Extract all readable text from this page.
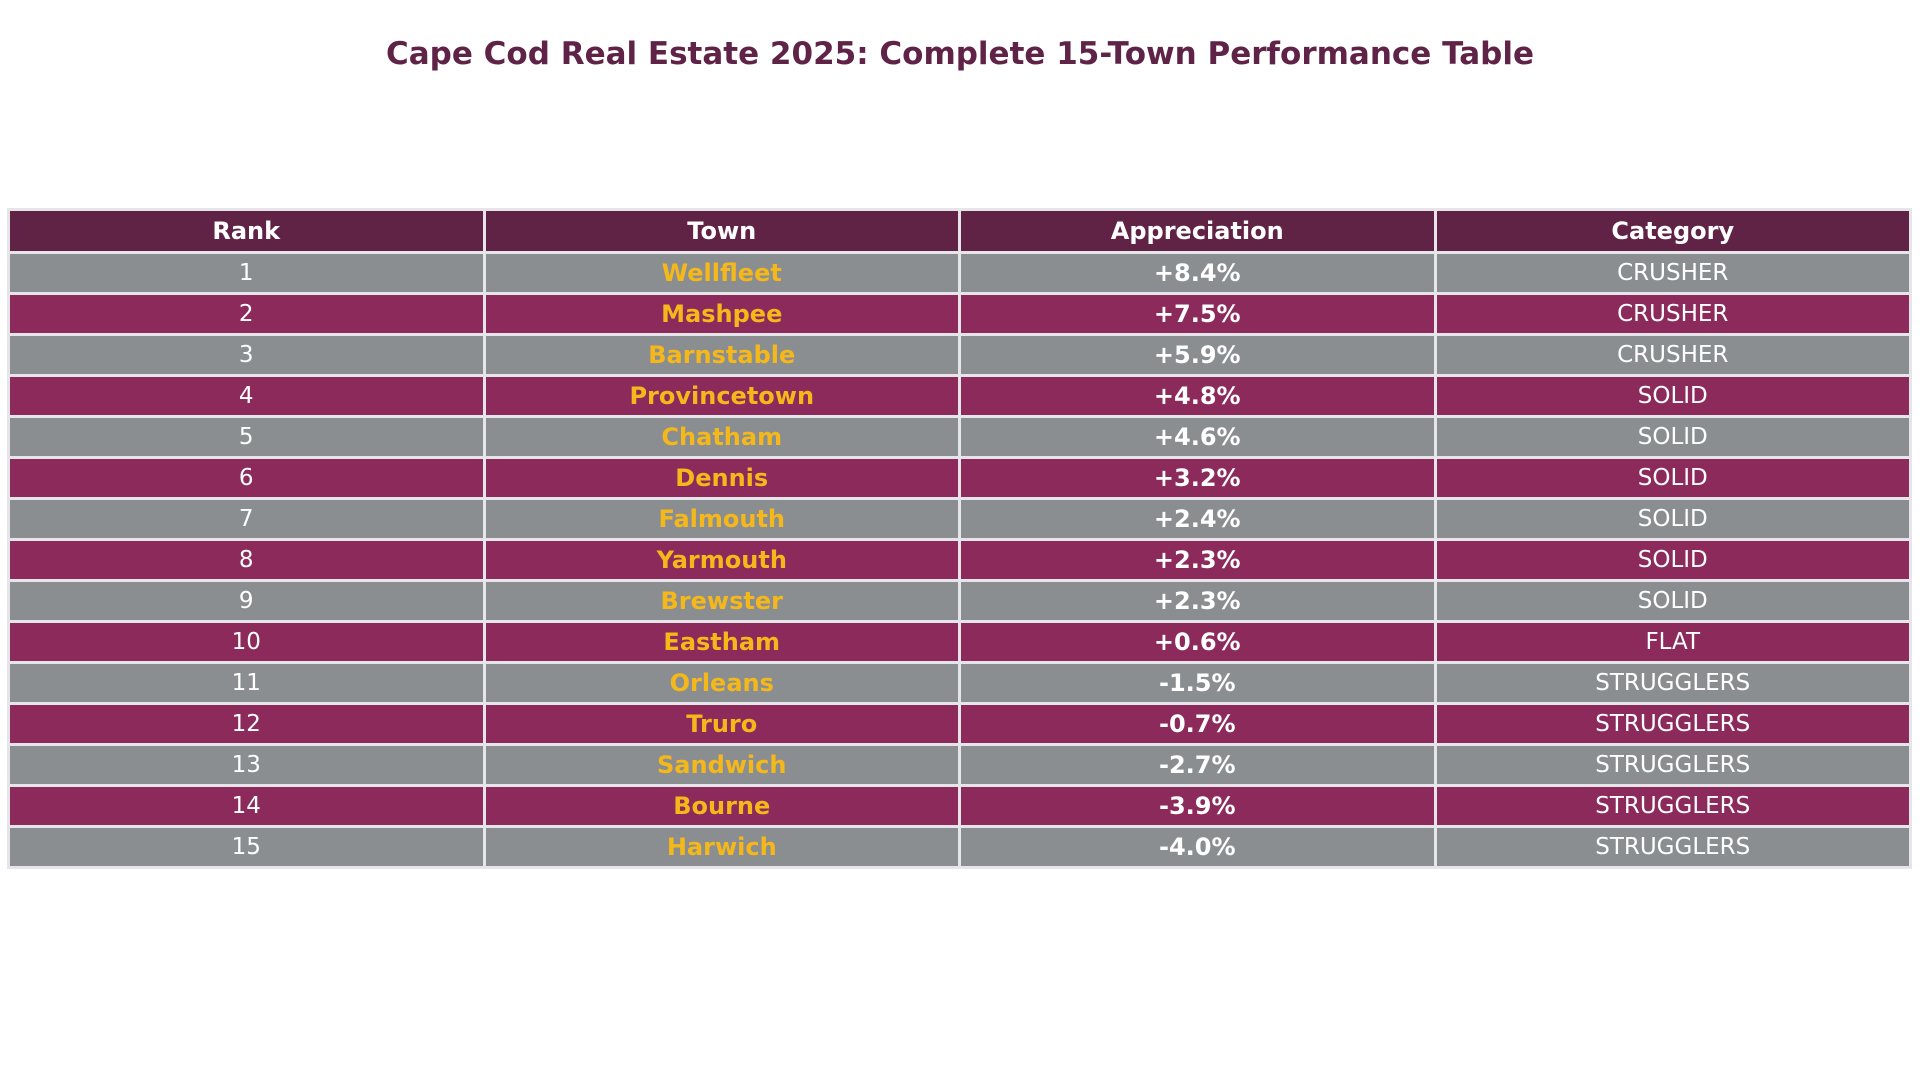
Cape Cod Real Estate 2025: Complete 15-Town Performance Table
Rank	Town	Appreciation	Category
1	Wellfleet	+8.4%	CRUSHER
2	Mashpee	+7.5%	CRUSHER
3	Barnstable	+5.9%	CRUSHER
4	Provincetown	+4.8%	SOLID
5	Chatham	+4.6%	SOLID
6	Dennis	+3.2%	SOLID
7	Falmouth	+2.4%	SOLID
8	Yarmouth	+2.3%	SOLID
9	Brewster	+2.3%	SOLID
10	Eastham	+0.6%	FLAT
11	Orleans	-1.5%	STRUGGLERS
12	Truro	-0.7%	STRUGGLERS
13	Sandwich	-2.7%	STRUGGLERS
14	Bourne	-3.9%	STRUGGLERS
15	Harwich	-4.0%	STRUGGLERS
